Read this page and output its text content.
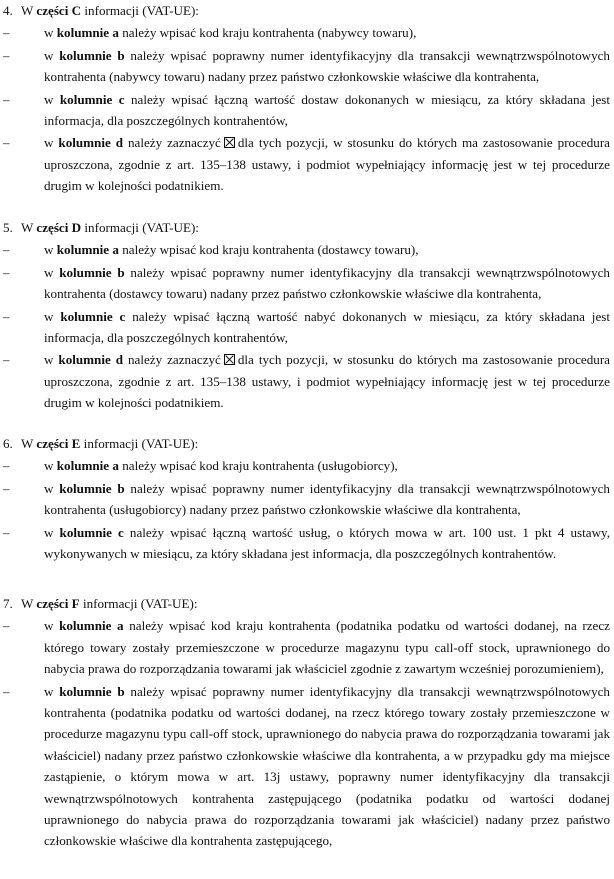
4. W części C informacji (VAT-UE):
–	w kolumnie a należy wpisać kod kraju kontrahenta (nabywcy towaru),
–	w kolumnie b należy wpisać poprawny numer identyfikacyjny dla transakcji wewnątrzwspólnotowych kontrahenta (nabywcy towaru) nadany przez państwo członkowskie właściwe dla kontrahenta,
–	w kolumnie c należy wpisać łączną wartość dostaw dokonanych w miesiącu, za który składana jest informacja, dla poszczególnych kontrahentów,
–	w kolumnie d należy zaznaczyć dla tych pozycji, w stosunku do których ma zastosowanie procedura uproszczona, zgodnie z art. 135–138 ustawy, i podmiot wypełniający informację jest w tej procedurze drugim w kolejności podatnikiem.
5. W części D informacji (VAT-UE):
–	w kolumnie a należy wpisać kod kraju kontrahenta (dostawcy towaru),
–	w kolumnie b należy wpisać poprawny numer identyfikacyjny dla transakcji wewnątrzwspólnotowych kontrahenta (dostawcy towaru) nadany przez państwo członkowskie właściwe dla kontrahenta,
–	w kolumnie c należy wpisać łączną wartość nabyć dokonanych w miesiącu, za który składana jest informacja, dla poszczególnych kontrahentów,
–	w kolumnie d należy zaznaczyć dla tych pozycji, w stosunku do których ma zastosowanie procedura uproszczona, zgodnie z art. 135–138 ustawy, i podmiot wypełniający informację jest w tej procedurze drugim w kolejności podatnikiem.
6. W części E informacji (VAT-UE):
–	w kolumnie a należy wpisać kod kraju kontrahenta (usługobiorcy),
–	w kolumnie b należy wpisać poprawny numer identyfikacyjny dla transakcji wewnątrzwspólnotowych kontrahenta (usługobiorcy) nadany przez państwo członkowskie właściwe dla kontrahenta,
–	w kolumnie c należy wpisać łączną wartość usług, o których mowa w art. 100 ust. 1 pkt 4 ustawy, wykonywanych w miesiącu, za który składana jest informacja, dla poszczególnych kontrahentów.
7. W części F informacji (VAT-UE):
–	w kolumnie a należy wpisać kod kraju kontrahenta (podatnika podatku od wartości dodanej, na rzecz którego towary zostały przemieszczone w procedurze magazynu typu call-off stock, uprawnionego do nabycia prawa do rozporządzania towarami jak właściciel zgodnie z zawartym wcześniej porozumieniem),
–	w kolumnie b należy wpisać poprawny numer identyfikacyjny dla transakcji wewnątrzwspólnotowych kontrahenta (podatnika podatku od wartości dodanej, na rzecz którego towary zostały przemieszczone w procedurze magazynu typu call-off stock, uprawnionego do nabycia prawa do rozporządzania towarami jak właściciel) nadany przez państwo członkowskie właściwe dla kontrahenta, a w przypadku gdy ma miejsce zastąpienie, o którym mowa w art. 13j ustawy, poprawny numer identyfikacyjny dla transakcji wewnątrzwspólnotowych kontrahenta zastępującego (podatnika podatku od wartości dodanej uprawnionego do nabycia prawa do rozporządzania towarami jak właściciel) nadany przez państwo członkowskie właściwe dla kontrahenta zastępującego,
